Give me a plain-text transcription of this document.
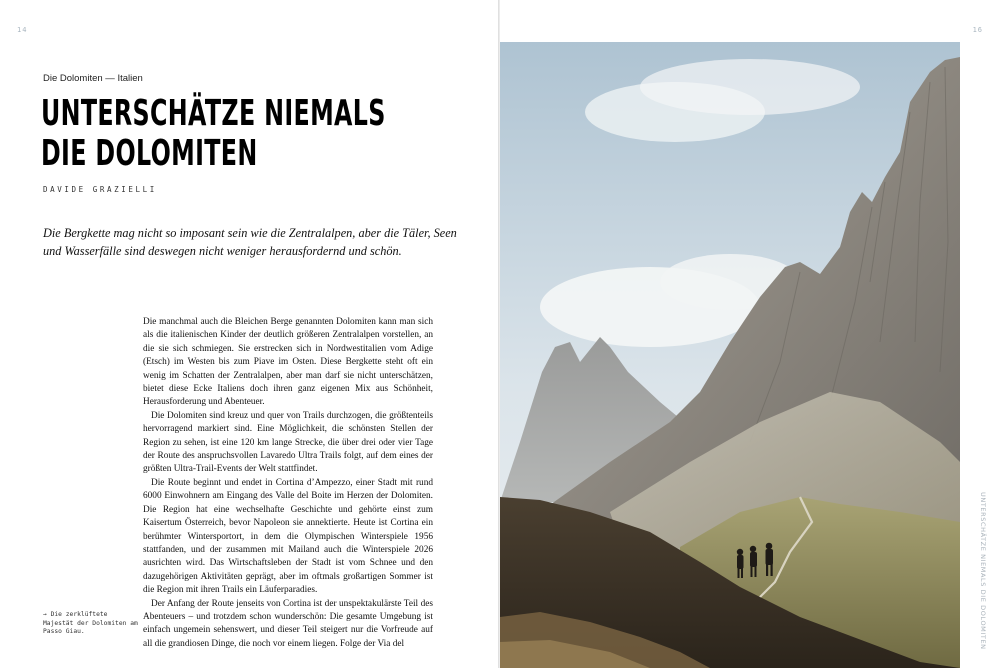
14
Die Dolomiten — Italien
UNTERSCHÄTZE NIEMALS
DIE DOLOMITEN
DAVIDE GRAZIELLI

Die Bergkette mag nicht so imposant sein wie die Zentralalpen, aber die Täler, Seen und Wasserfälle sind deswegen nicht weniger herausfordernd und schön.

Die manchmal auch die Bleichen Berge genannten Dolomiten kann man sich als die italienischen Kinder der deutlich größeren Zentralalpen vorstellen, an die sie sich schmiegen. Sie erstrecken sich in Nordwestitalien vom Adige (Etsch) im Westen bis zum Piave im Osten. Diese Bergkette steht oft ein wenig im Schatten der Zentralalpen, aber man darf sie nicht unterschätzen, bietet diese Ecke Italiens doch ihren ganz eigenen Mix aus Schönheit, Herausforderung und Abenteuer.

Die Dolomiten sind kreuz und quer von Trails durchzogen, die größtenteils hervorragend markiert sind. Eine Möglichkeit, die schönsten Stellen der Region zu sehen, ist eine 120 km lange Strecke, die über drei oder vier Tage der Route des anspruchsvollen Lavaredo Ultra Trails folgt, auf dem eines der größten Ultra-Trail-Events der Welt stattfindet.

Die Route beginnt und endet in Cortina d’Ampezzo, einer Stadt mit rund 6000 Einwohnern am Eingang des Valle del Boite im Herzen der Dolomiten. Die Region hat eine wechselhafte Geschichte und gehörte einst zum Kaisertum Österreich, bevor Napoleon sie annektierte. Heute ist Cortina ein berühmter Wintersportort, in dem die Olympischen Winterspiele 1956 stattfanden, und der zusammen mit Mailand auch die Winterspiele 2026 ausrichten wird. Das Wirtschaftsleben der Stadt ist vom Schnee und den dazugehörigen Aktivitäten geprägt, aber im oftmals großartigen Sommer ist die Region mit ihren Trails ein Läuferparadies.

Der Anfang der Route jenseits von Cortina ist der unspektakulärste Teil des Abenteuers – und trotzdem schon wunderschön: Die gesamte Umgebung ist einfach ungemein sehenswert, und dieser Teil steigert nur die Vorfreude auf all die grandiosen Dinge, die noch vor einem liegen. Folge der Via del

→ Die zerklüftete Majestät der Dolomiten am Passo Giau.
16
UNTERSCHÄTZE NIEMALS DIE DOLOMITEN
